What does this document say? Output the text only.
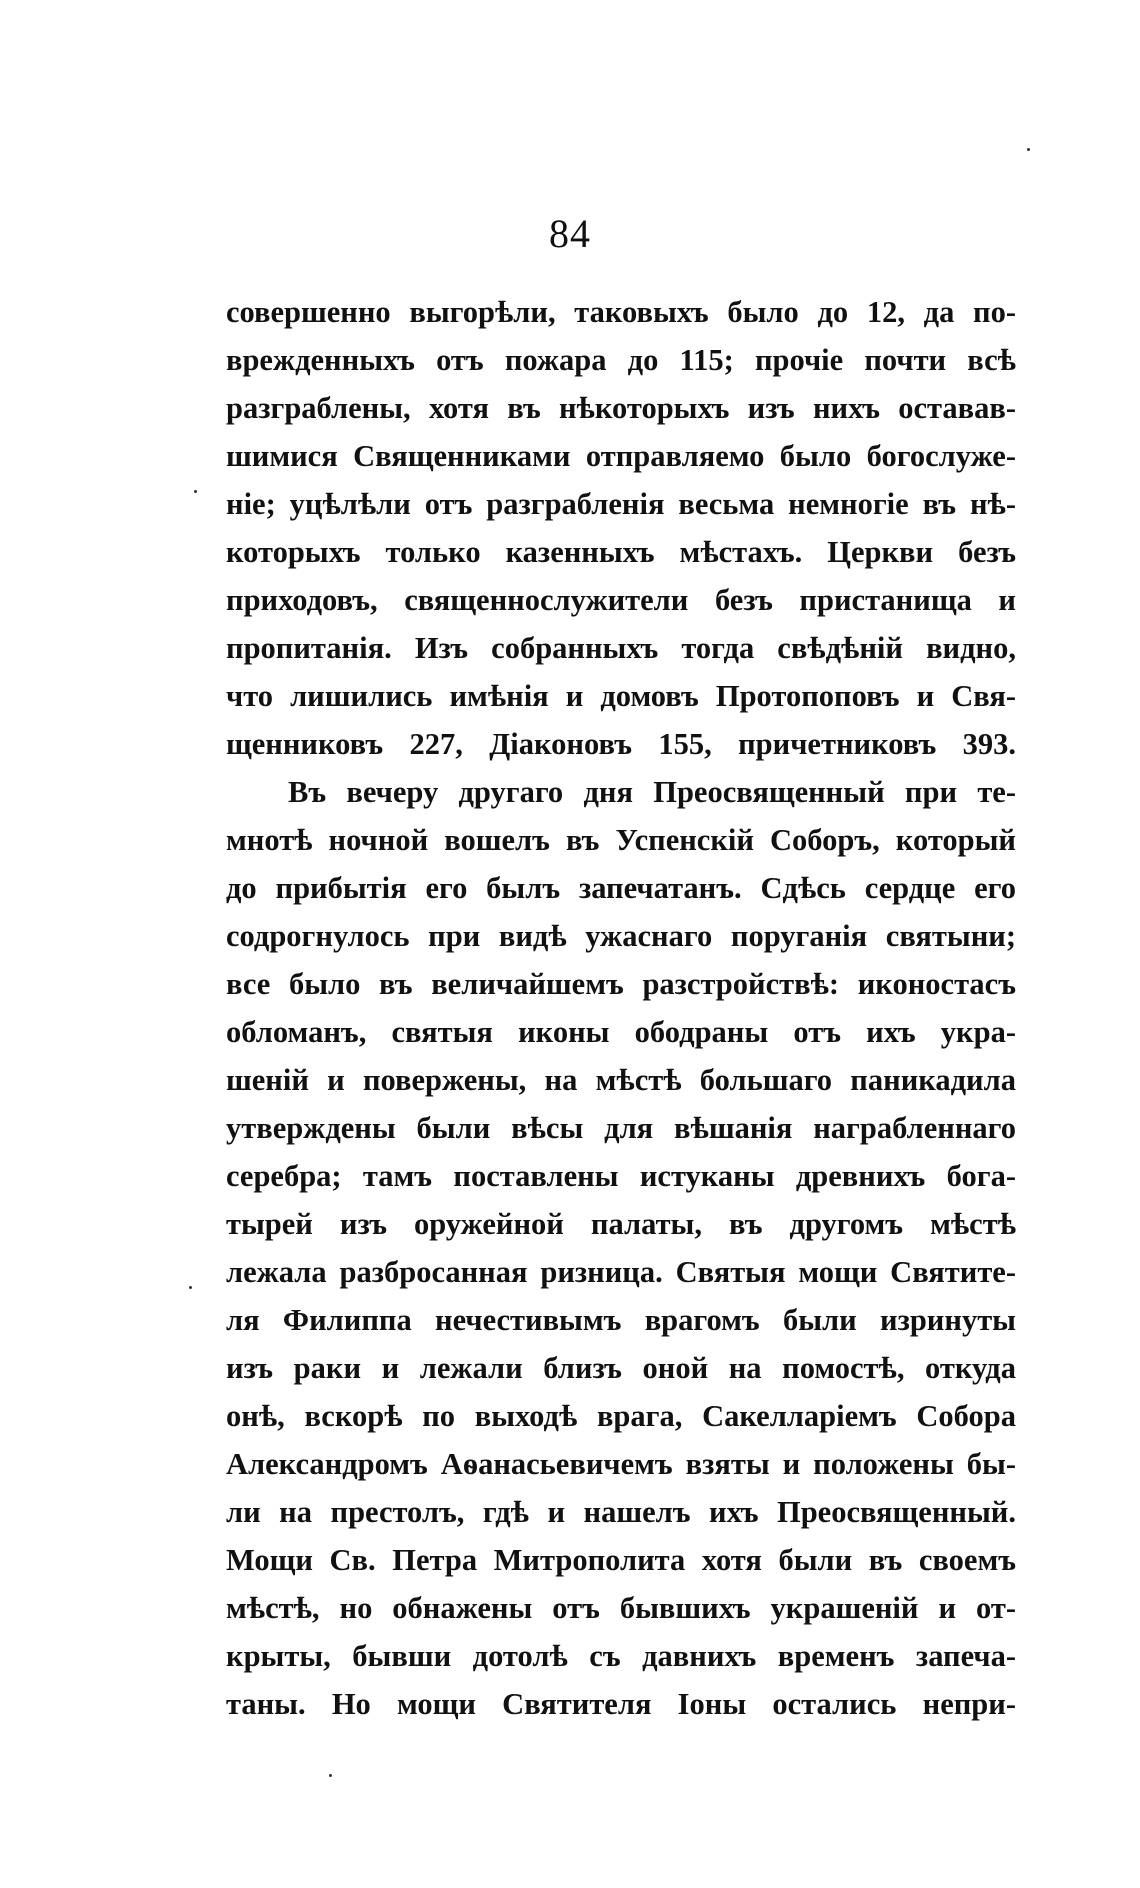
84
совершенно выгорѣли, таковыхъ было до 12, да по-
врежденныхъ отъ пожара до 115; прочіе почти всѣ
разграблены, хотя въ нѣкоторыхъ изъ нихъ оставав-
шимися Священниками отправляемо было богослуже-
ніе; уцѣлѣли отъ разграбленія весьма немногіе въ нѣ-
которыхъ только казенныхъ мѣстахъ. Церкви безъ
приходовъ, священнослужители безъ пристанища и
пропитанія. Изъ собранныхъ тогда свѣдѣній видно,
что лишились имѣнія и домовъ Протопоповъ и Свя-
щенниковъ 227, Діаконовъ 155, причетниковъ 393.
Въ вечеру другаго дня Преосвященный при те-
мнотѣ ночной вошелъ въ Успенскій Соборъ, который
до прибытія его былъ запечатанъ. Сдѣсь сердце его
содрогнулось при видѣ ужаснаго поруганія святыни;
все было въ величайшемъ разстройствѣ: иконостасъ
обломанъ, святыя иконы ободраны отъ ихъ укра-
шеній и повержены, на мѣстѣ большаго паникадила
утверждены были вѣсы для вѣшанія награбленнаго
серебра; тамъ поставлены истуканы древнихъ бога-
тырей изъ оружейной палаты, въ другомъ мѣстѣ
лежала разбросанная ризница. Святыя мощи Святите-
ля Филиппа нечестивымъ врагомъ были изринуты
изъ раки и лежали близъ оной на помостѣ, откуда
онѣ, вскорѣ по выходѣ врага, Сакелларіемъ Собора
Александромъ Аѳанасьевичемъ взяты и положены бы-
ли на престолъ, гдѣ и нашелъ ихъ Преосвященный.
Мощи Св. Петра Митрополита хотя были въ своемъ
мѣстѣ, но обнажены отъ бывшихъ украшеній и от-
крыты, бывши дотолѣ съ давнихъ временъ запеча-
таны. Но мощи Святителя Іоны остались непри-
